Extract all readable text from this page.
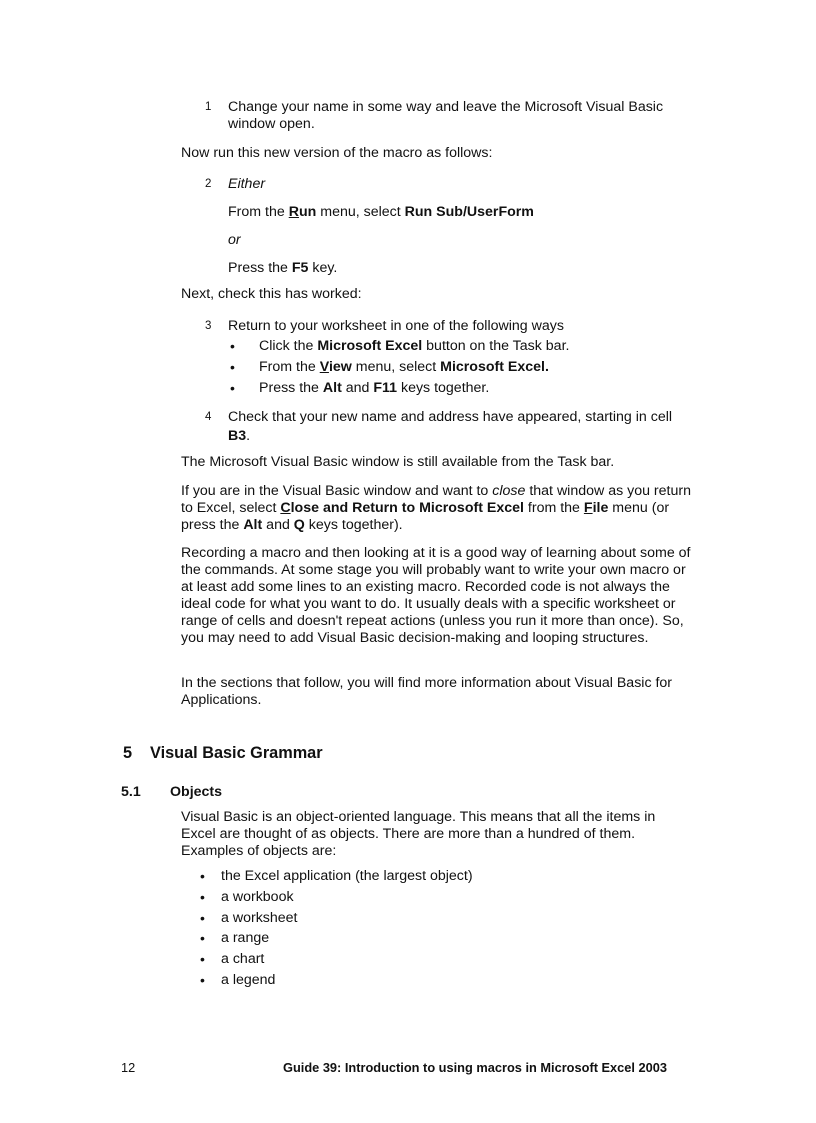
1	Change your name in some way and leave the Microsoft Visual Basic window open.

Now run this new version of the macro as follows:

2	Either

From the Run menu, select Run Sub/UserForm

or

Press the F5 key.

Next, check this has worked:

3	Return to your worksheet in one of the following ways

• Click the Microsoft Excel button on the Task bar.

• From the View menu, select Microsoft Excel.

• Press the Alt and F11 keys together.

4	Check that your new name and address have appeared, starting in cell B3.

The Microsoft Visual Basic window is still available from the Task bar.

If you are in the Visual Basic window and want to close that window as you return to Excel, select Close and Return to Microsoft Excel from the File menu (or press the Alt and Q keys together).

Recording a macro and then looking at it is a good way of learning about some of the commands. At some stage you will probably want to write your own macro or at least add some lines to an existing macro. Recorded code is not always the ideal code for what you want to do. It usually deals with a specific worksheet or range of cells and doesn't repeat actions (unless you run it more than once). So, you may need to add Visual Basic decision-making and looping structures.

In the sections that follow, you will find more information about Visual Basic for Applications.

5 Visual Basic Grammar
5.1 Objects

Visual Basic is an object-oriented language. This means that all the items in Excel are thought of as objects. There are more than a hundred of them. Examples of objects are:

• the Excel application (the largest object)
• a workbook
• a worksheet
• a range
• a chart
• a legend
12	Guide 39: Introduction to using macros in Microsoft Excel 2003
